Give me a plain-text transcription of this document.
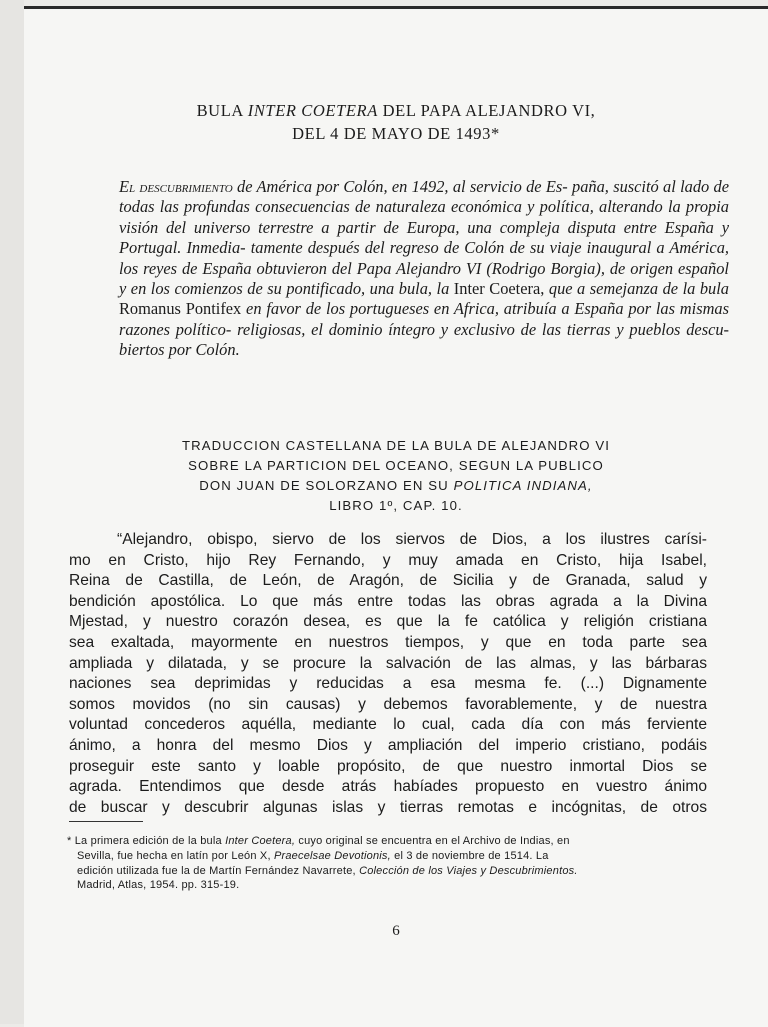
BULA INTER COETERA DEL PAPA ALEJANDRO VI,
DEL 4 DE MAYO DE 1493*
El descubrimiento de América por Colón, en 1492, al servicio de Es- paña, suscitó al lado de todas las profundas consecuencias de naturaleza económica y política, alterando la propia visión del universo terrestre a partir de Europa, una compleja disputa entre España y Portugal. Inmedia- tamente después del regreso de Colón de su viaje inaugural a América, los reyes de España obtuvieron del Papa Alejandro VI (Rodrigo Borgia), de origen español y en los comienzos de su pontificado, una bula, la Inter Coetera, que a semejanza de la bula Romanus Pontifex en favor de los portugueses en Africa, atribuía a España por las mismas razones político- religiosas, el dominio íntegro y exclusivo de las tierras y pueblos descu- biertos por Colón.
TRADUCCION CASTELLANA DE LA BULA DE ALEJANDRO VI
SOBRE LA PARTICION DEL OCEANO, SEGUN LA PUBLICO
DON JUAN DE SOLORZANO EN SU POLITICA INDIANA,
LIBRO 1º, CAP. 10.
“Alejandro, obispo, siervo de los siervos de Dios, a los ilustres carísi-
mo en Cristo, hijo Rey Fernando, y muy amada en Cristo, hija Isabel,
Reina de Castilla, de León, de Aragón, de Sicilia y de Granada, salud y
bendición apostólica. Lo que más entre todas las obras agrada a la Divina
Mjestad, y nuestro corazón desea, es que la fe católica y religión cristiana
sea exaltada, mayormente en nuestros tiempos, y que en toda parte sea
ampliada y dilatada, y se procure la salvación de las almas, y las bárbaras
naciones sea deprimidas y reducidas a esa mesma fe. (...) Dignamente
somos movidos (no sin causas) y debemos favorablemente, y de nuestra
voluntad concederos aquélla, mediante lo cual, cada día con más ferviente
ánimo, a honra del mesmo Dios y ampliación del imperio cristiano, podáis
proseguir este santo y loable propósito, de que nuestro inmortal Dios se
agrada. Entendimos que desde atrás habíades propuesto en vuestro ánimo
de buscar y descubrir algunas islas y tierras remotas e incógnitas, de otros
* La primera edición de la bula Inter Coetera, cuyo original se encuentra en el Archivo de Indias, en
Sevilla, fue hecha en latín por León X, Praecelsae Devotionis, el 3 de noviembre de 1514. La
edición utilizada fue la de Martín Fernández Navarrete, Colección de los Viajes y Descubrimientos.
Madrid, Atlas, 1954. pp. 315-19.
6
